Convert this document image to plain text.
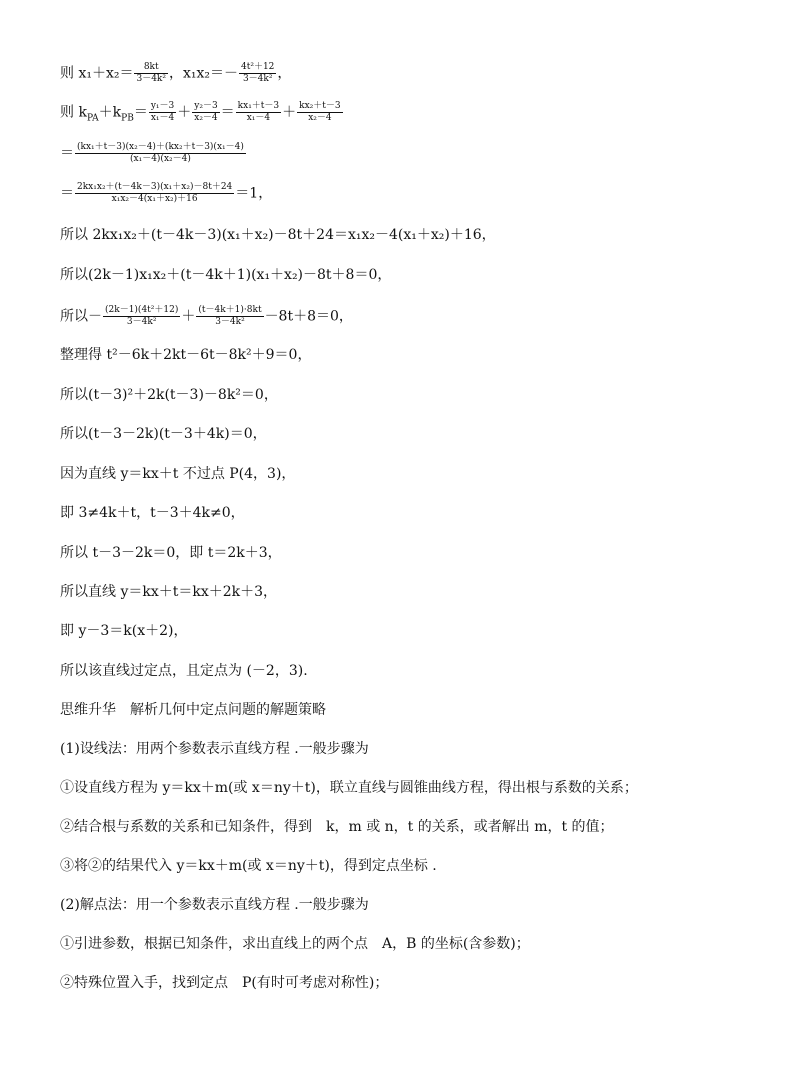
则 $x_1+x_2= \frac{8kt}{\text{3－4k²}}$ ，$x_1x_2=- \frac{\text{4t²＋12}}{\text{3－4k²}}$ ，
则 $k_{PA}+k_{PB}= \frac{\text{y₁－3}}{\text{x₁－4}} + \frac{\text{y₂－3}}{\text{x₂－4}} = \frac{\text{kx₁＋t－3}}{\text{x₁－4}} + \frac{\text{kx₂＋t－3}}{\text{x₂－4}}$
＝ $\frac{\text{(kx₁＋t－3)(x₂－4)＋(kx₂＋t－3)(x₁－4)}}{\text{(x₁－4)(x₂－4)}}$
＝ $\frac{\text{2kx₁x₂＋(t－4k－3)(x₁＋x₂)－8t＋24}}{\text{x₁x₂－4(x₁＋x₂)＋16}} =1$，
所以 2kx₁x₂＋(t－4k－3)(x₁＋x₂)－8t＋24＝x₁x₂－4(x₁＋x₂)＋16，
所以(2k－1)x₁x₂＋(t－4k＋1)(x₁＋x₂)－8t＋8＝0，
所以－ $\frac{\text{(2k－1)(4t²＋12)}}{\text{3－4k²}} + \frac{(t-4k+1)\cdot 8kt}{\text{3－4k²}} -8t+8=0$，
整理得 t²－6k＋2kt－6t－8k²＋9＝0，
所以(t－3)²＋2k(t－3)－8k²＝0，
所以(t－3－2k)(t－3＋4k)＝0，
因为直线 y＝kx＋t 不过点 P(4，3)，
即 3≠4k＋t，t－3＋4k≠0，
所以 t－3－2k＝0，即 t＝2k＋3，
所以直线 y＝kx＋t＝kx＋2k＋3，
即 y－3＝k(x＋2)，
所以该直线过定点，且定点为 (－2，3).
思维升华　解析几何中定点问题的解题策略
(1)设线法：用两个参数表示直线方程 .一般步骤为
①设直线方程为 y＝kx＋m(或 x＝ny＋t)，联立直线与圆锥曲线方程，得出根与系数的关系；
②结合根与系数的关系和已知条件，得到　k，m 或 n，t 的关系，或者解出 m，t 的值；
③将②的结果代入 y＝kx＋m(或 x＝ny＋t)，得到定点坐标 .
(2)解点法：用一个参数表示直线方程 .一般步骤为
①引进参数，根据已知条件，求出直线上的两个点　A，B 的坐标(含参数)；
②特殊位置入手，找到定点　P(有时可考虑对称性)；
